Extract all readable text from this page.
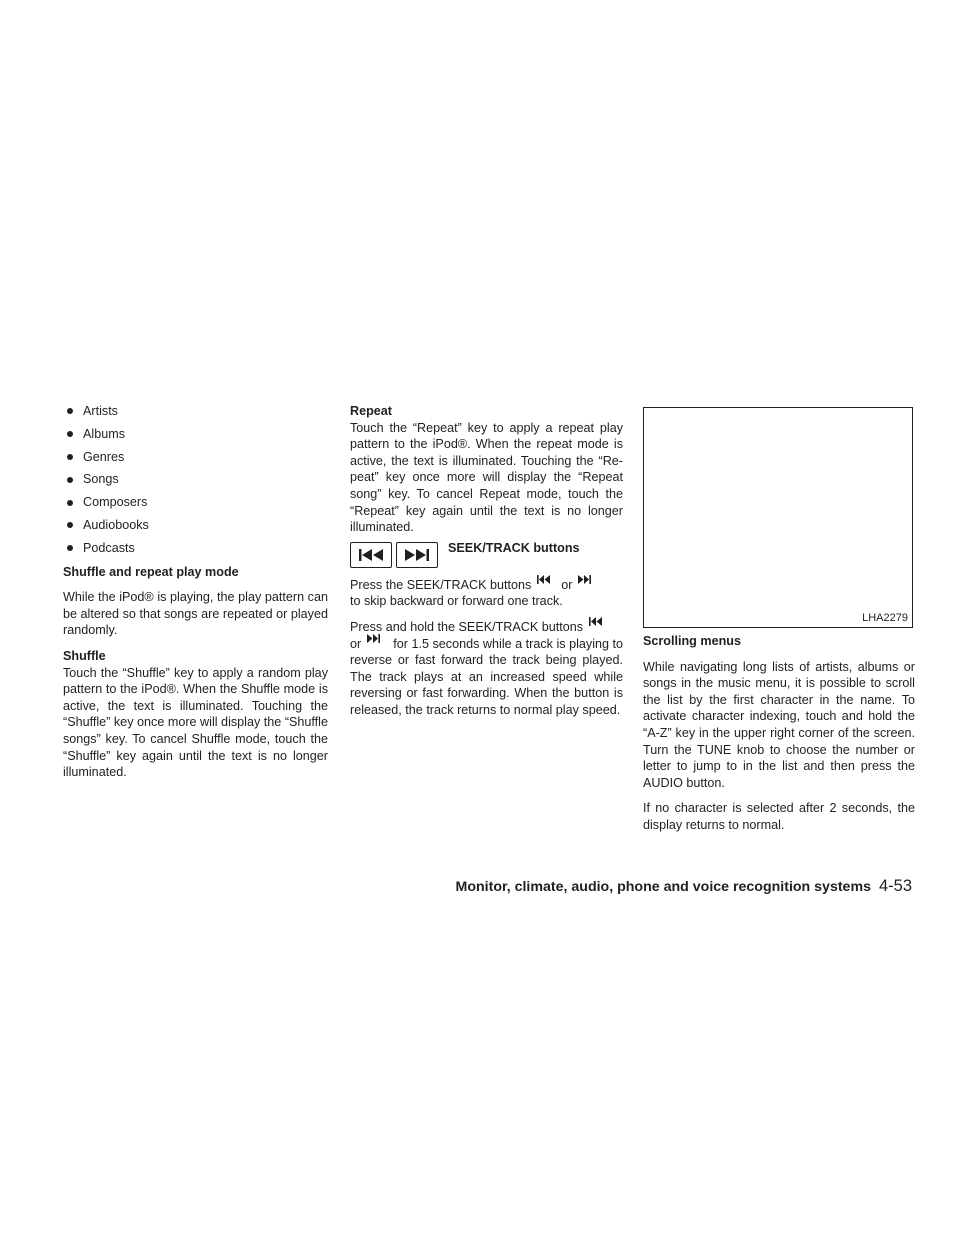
Artists
Albums
Genres
Songs
Composers
Audiobooks
Podcasts

Shuffle and repeat play mode

While the iPod® is playing, the play pattern can be altered so that songs are repeated or played randomly.

Shuffle

Touch the “Shuffle” key to apply a random play pattern to the iPod®. When the Shuffle mode is active, the text is illuminated. Touching the “Shuffle” key once more will display the “Shuffle songs” key. To cancel Shuffle mode, touch the “Shuffle” key again until the text is no longer illuminated.

Repeat

Touch the “Repeat” key to apply a repeat play pattern to the iPod®. When the repeat mode is active, the text is illuminated. Touching the “Re-peat” key once more will display the “Repeat song” key. To cancel Repeat mode, touch the “Repeat” key again until the text is no longer illuminated.

SEEK/TRACK buttons

Press the SEEK/TRACK buttons or
to skip backward or forward one track.

Press and hold the SEEK/TRACK buttons
or	for 1.5 seconds while a track is playing to reverse or fast forward the track being played. The track plays at an increased speed while reversing or fast forwarding. When the button is released, the track returns to normal play speed.

LHA2279

Scrolling menus

While navigating long lists of artists, albums or songs in the music menu, it is possible to scroll the list by the first character in the name. To activate character indexing, touch and hold the “A-Z” key in the upper right corner of the screen. Turn the TUNE knob to choose the number or letter to jump to in the list and then press the AUDIO button.

If no character is selected after 2 seconds, the display returns to normal.

Monitor, climate, audio, phone and voice recognition systems 4-53
